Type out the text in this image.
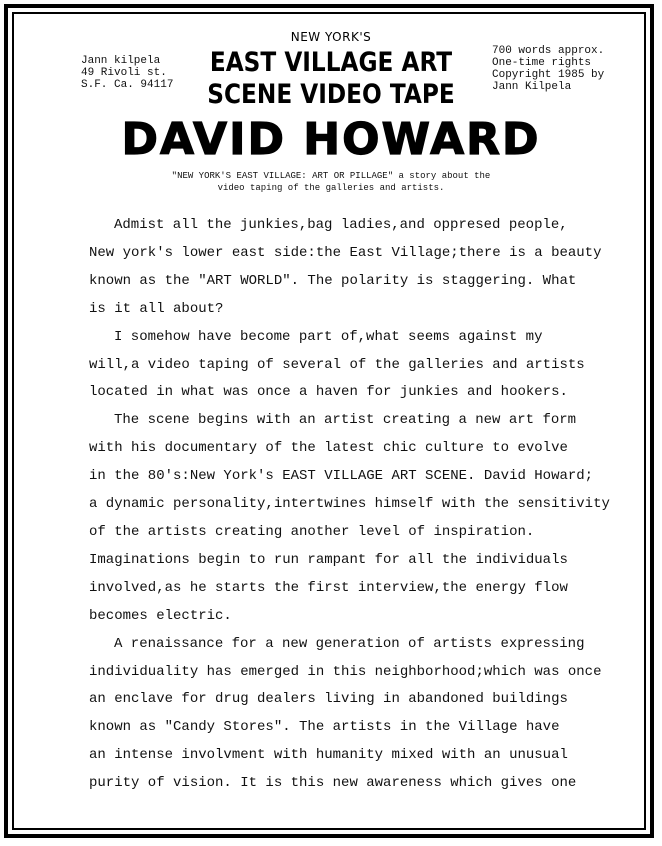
Jann kilpela
49 Rivoli st.
S.F. Ca. 94117
700 words approx.
One-time rights
Copyright 1985 by
Jann Kilpela
NEW YORK'S
EAST VILLAGE ART
SCENE VIDEO TAPE
DAVID HOWARD
"NEW YORK'S EAST VILLAGE: ART OR PILLAGE" a story about the
video taping of the galleries and artists.
Admist all the junkies,bag ladies,and oppresed people,
New york's lower east side:the East Village;there is a beauty
known as the "ART WORLD". The polarity is staggering. What
is it all about?
I somehow have become part of,what seems against my
will,a video taping of several of the galleries and artists
located in what was once a haven for junkies and hookers.
The scene begins with an artist creating a new art form
with his documentary of the latest chic culture to evolve
in the 80's:New York's EAST VILLAGE ART SCENE. David Howard;
a dynamic personality,intertwines himself with the sensitivity
of the artists creating another level of inspiration.
Imaginations begin to run rampant for all the individuals
involved,as he starts the first interview,the energy flow
becomes electric.
A renaissance for a new generation of artists expressing
individuality has emerged in this neighborhood;which was once
an enclave for drug dealers living in abandoned buildings
known as "Candy Stores". The artists in the Village have
an intense involvment with humanity mixed with an unusual
purity of vision. It is this new awareness which gives one
